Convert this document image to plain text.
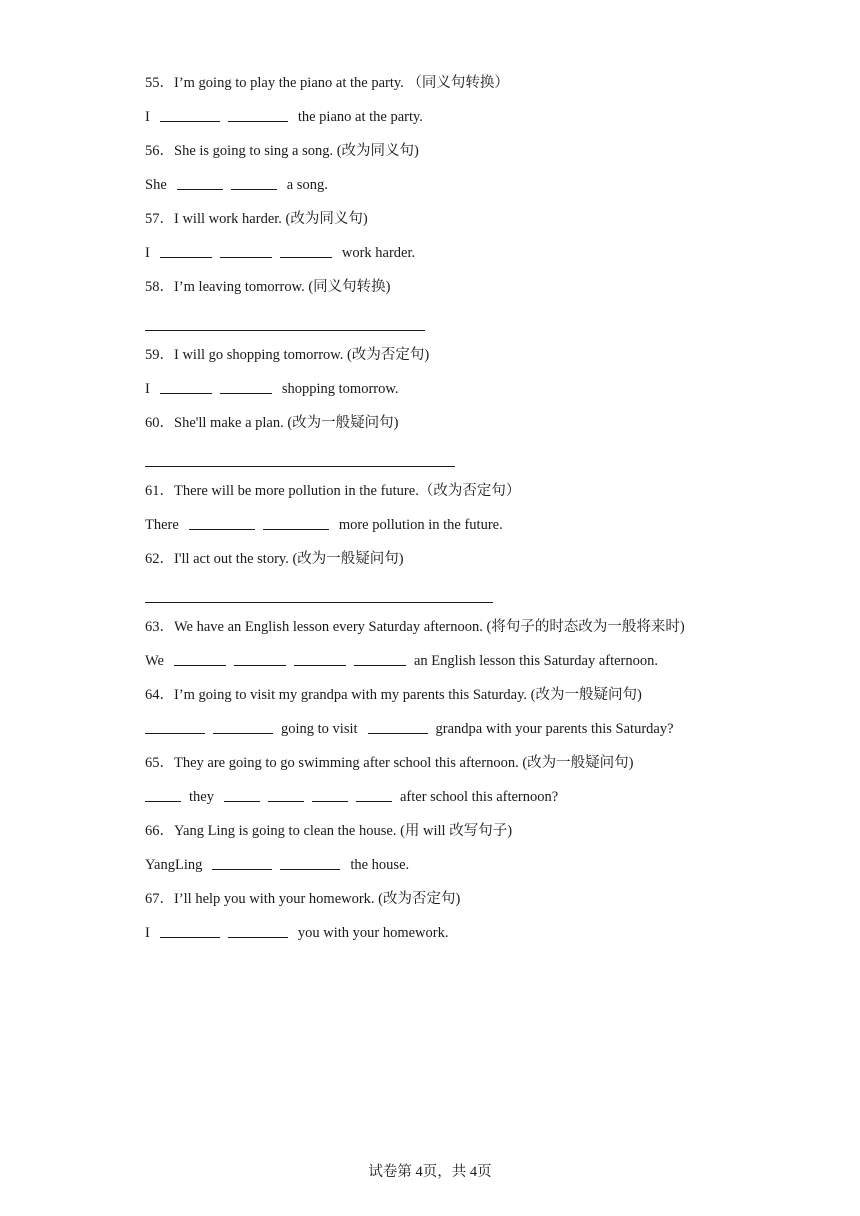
55． I’m going to play the piano at the party. （同义句转换）
I	the piano at the party.
56． She is going to sing a song. (改为同义句)
She	a song.
57． I will work harder. (改为同义句)
I	work harder.
58． I’m leaving tomorrow. (同义句转换)
59． I will go shopping tomorrow. (改为否定句)
I	shopping tomorrow.
60． She'll make a plan. (改为一般疑问句)
61． There will be more pollution in the future.（改为否定句）
There	more pollution in the future.
62． I'll act out the story. (改为一般疑问句)
63． We have an English lesson every Saturday afternoon. (将句子的时态改为一般将来时)
We	an English lesson this Saturday afternoon.
64． I’m going to visit my grandpa with my parents this Saturday. (改为一般疑问句)
going to visit	grandpa with your parents this Saturday?
65． They are going to go swimming after school this afternoon. (改为一般疑问句)
they	after school this afternoon?
66． Yang Ling is going to clean the house. (用 will 改写句子)
YangLing	the house.
67． I’ll help you with your homework. (改为否定句)
I	you with your homework.
试卷第 4页，共 4页
